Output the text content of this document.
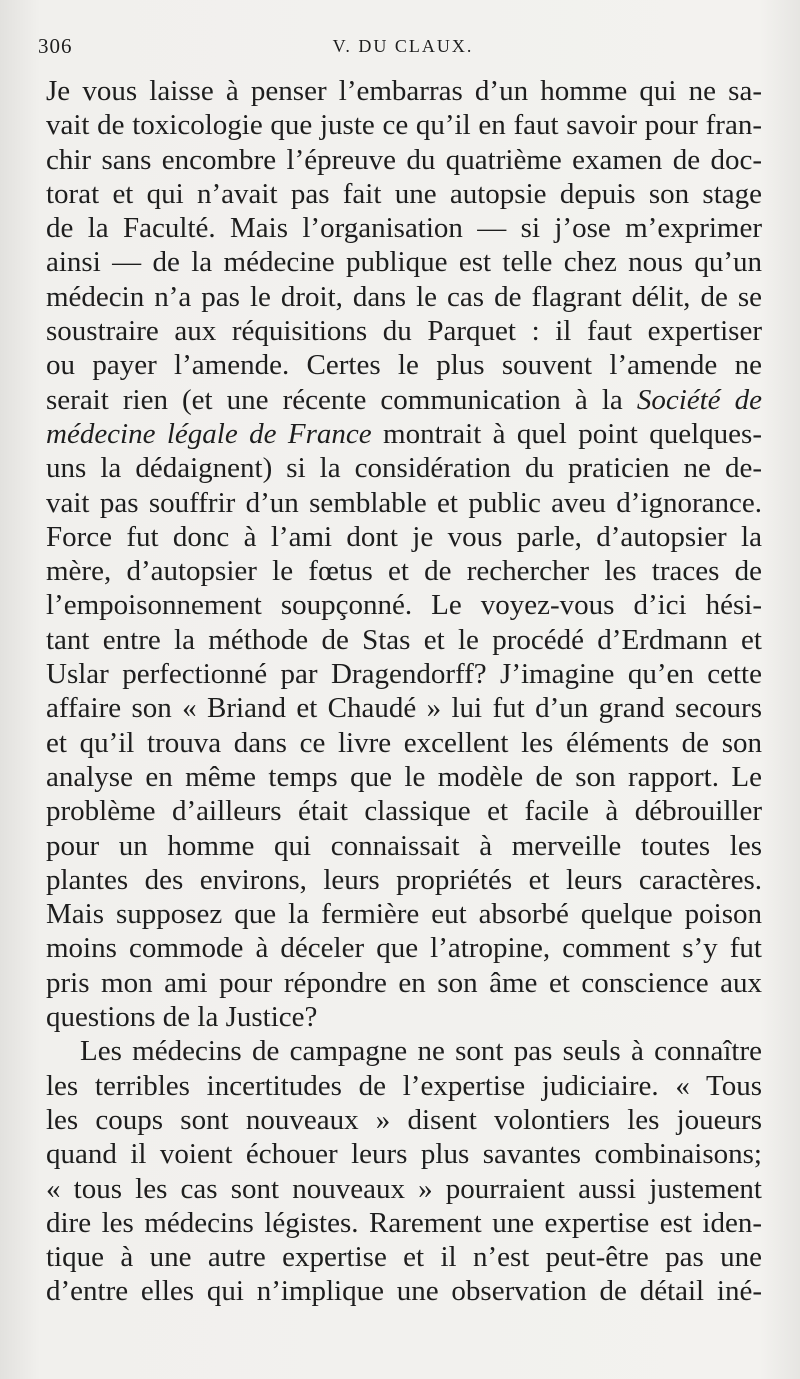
306	V. DU CLAUX.
Je vous laisse à penser l’embarras d’un homme qui ne sa-
vait de toxicologie que juste ce qu’il en faut savoir pour fran-
chir sans encombre l’épreuve du quatrième examen de doc-
torat et qui n’avait pas fait une autopsie depuis son stage
de la Faculté. Mais l’organisation — si j’ose m’exprimer
ainsi — de la médecine publique est telle chez nous qu’un
médecin n’a pas le droit, dans le cas de flagrant délit, de se
soustraire aux réquisitions du Parquet : il faut expertiser
ou payer l’amende. Certes le plus souvent l’amende ne
serait rien (et une récente communication à la Société de
médecine légale de France montrait à quel point quelques-
uns la dédaignent) si la considération du praticien ne de-
vait pas souffrir d’un semblable et public aveu d’ignorance.
Force fut donc à l’ami dont je vous parle, d’autopsier la
mère, d’autopsier le fœtus et de rechercher les traces de
l’empoisonnement soupçonné. Le voyez-vous d’ici hési-
tant entre la méthode de Stas et le procédé d’Erdmann et
Uslar perfectionné par Dragendorff? J’imagine qu’en cette
affaire son « Briand et Chaudé » lui fut d’un grand secours
et qu’il trouva dans ce livre excellent les éléments de son
analyse en même temps que le modèle de son rapport. Le
problème d’ailleurs était classique et facile à débrouiller
pour un homme qui connaissait à merveille toutes les
plantes des environs, leurs propriétés et leurs caractères.
Mais supposez que la fermière eut absorbé quelque poison
moins commode à déceler que l’atropine, comment s’y fut
pris mon ami pour répondre en son âme et conscience aux
questions de la Justice?
Les médecins de campagne ne sont pas seuls à connaître
les terribles incertitudes de l’expertise judiciaire. « Tous
les coups sont nouveaux » disent volontiers les joueurs
quand il voient échouer leurs plus savantes combinaisons;
« tous les cas sont nouveaux » pourraient aussi justement
dire les médecins légistes. Rarement une expertise est iden-
tique à une autre expertise et il n’est peut-être pas une
d’entre elles qui n’implique une observation de détail iné-
